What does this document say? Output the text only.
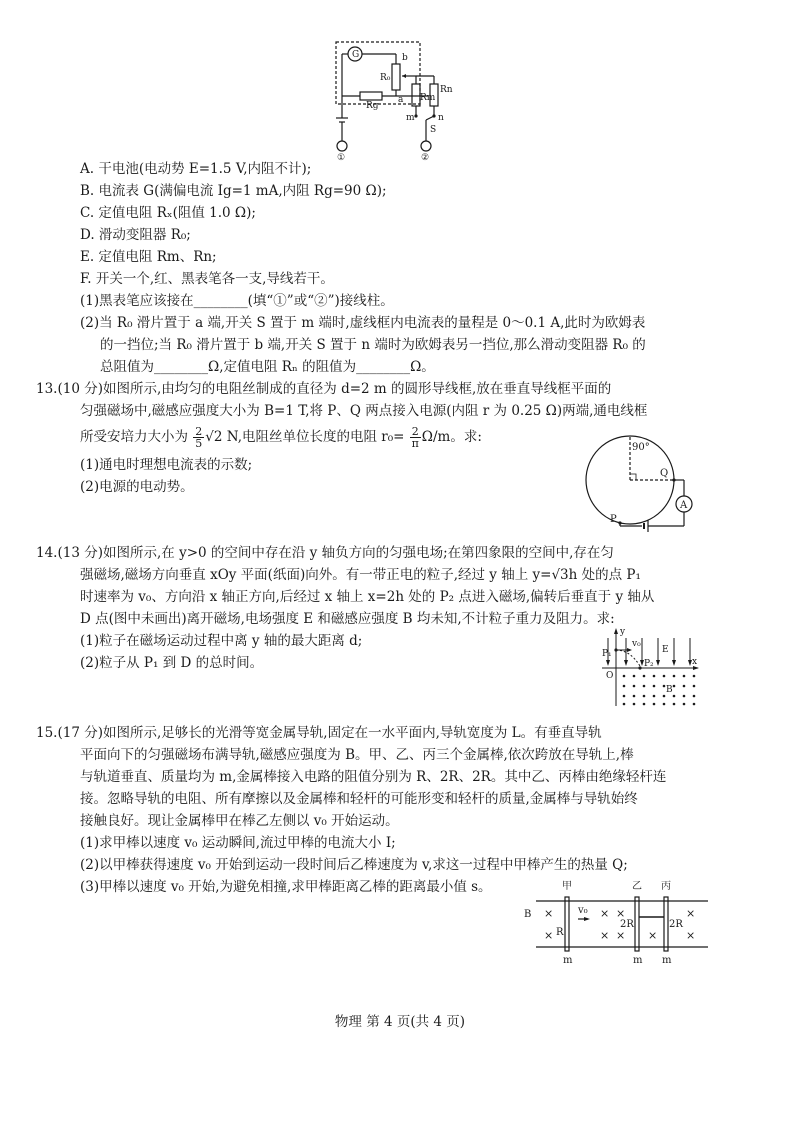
G	b
R₀
a
Rg
Rm
Rn
m	n
S
①	②
A. 干电池(电动势 E=1.5 V,内阻不计);
B. 电流表 G(满偏电流 Ig=1 mA,内阻 Rg=90 Ω);
C. 定值电阻 Rₓ(阻值 1.0 Ω);
D. 滑动变阻器 R₀;
E. 定值电阻 Rm、Rn;
F. 开关一个,红、黑表笔各一支,导线若干。
(1)黑表笔应该接在________(填“①”或“②”)接线柱。
(2)当 R₀ 滑片置于 a 端,开关 S 置于 m 端时,虚线框内电流表的量程是 0～0.1 A,此时为欧姆表
的一挡位;当 R₀ 滑片置于 b 端,开关 S 置于 n 端时为欧姆表另一挡位,那么滑动变阻器 R₀ 的
总阻值为________Ω,定值电阻 Rₙ 的阻值为________Ω。
13.(10 分)如图所示,由均匀的电阻丝制成的直径为 d=2 m 的圆形导线框,放在垂直导线框平面的
匀强磁场中,磁感应强度大小为 B=1 T,将 P、Q 两点接入电源(内阻 r 为 0.25 Ω)两端,通电线框
所受安培力大小为 $\frac{2}{5} √2$ N,电阻丝单位长度的电阻 $r_0= \frac{2}{\pi} \Omega/m$。求:
(1)通电时理想电流表的示数;
(2)电源的电动势。
90°
Q
P
A
14.(13 分)如图所示,在 y>0 的空间中存在沿 y 轴负方向的匀强电场;在第四象限的空间中,存在匀
强磁场,磁场方向垂直 xOy 平面(纸面)向外。有一带正电的粒子,经过 y 轴上 y=√3h 处的点 P₁
时速率为 v₀、方向沿 x 轴正方向,后经过 x 轴上 x=2h 处的 P₂ 点进入磁场,偏转后垂直于 y 轴从
D 点(图中未画出)离开磁场,电场强度 E 和磁感应强度 B 均未知,不计粒子重力及阻力。求:
(1)粒子在磁场运动过程中离 y 轴的最大距离 d;
(2)粒子从 P₁ 到 D 的总时间。
y
x
O
P₁
v₀
P₂
E
B
15.(17 分)如图所示,足够长的光滑等宽金属导轨,固定在一水平面内,导轨宽度为 L。有垂直导轨
平面向下的匀强磁场布满导轨,磁感应强度为 B。甲、乙、丙三个金属棒,依次跨放在导轨上,棒
与轨道垂直、质量均为 m,金属棒接入电路的阻值分别为 R、2R、2R。其中乙、丙棒由绝缘轻杆连
接。忽略导轨的电阻、所有摩擦以及金属棒和轻杆的可能形变和轻杆的质量,金属棒与导轨始终
接触良好。现让金属棒甲在棒乙左侧以 v₀ 开始运动。
(1)求甲棒以速度 v₀ 运动瞬间,流过甲棒的电流大小 I;
(2)以甲棒获得速度 v₀ 开始到运动一段时间后乙棒速度为 v,求这一过程中甲棒产生的热量 Q;
(3)甲棒以速度 v₀ 开始,为避免相撞,求甲棒距离乙棒的距离最小值 s。
×
×
×
×
×
× ×
×
×
甲	乙 丙
B
R
2R	2R
v₀
m	m m
物理 第 4 页(共 4 页)
